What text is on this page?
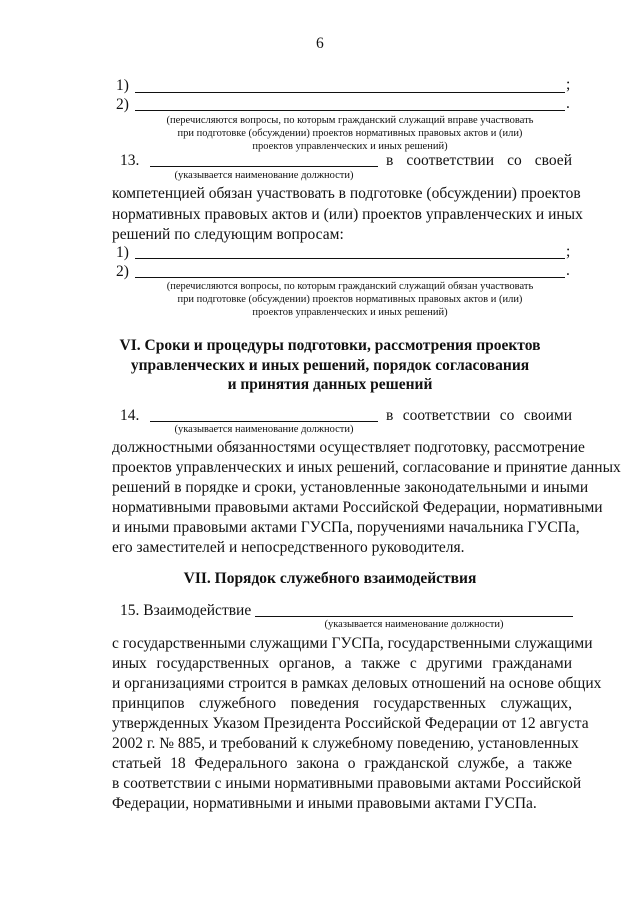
6
1)	;
2)	.
(перечисляются вопросы, по которым гражданский служащий вправе участвовать
при подготовке (обсуждении) проектов нормативных правовых актов и (или)
проектов управленческих и иных решений)
13.	в соответствии со своей
(указывается наименование должности)
компетенцией обязан участвовать в подготовке (обсуждении) проектов
нормативных правовых актов и (или) проектов управленческих и иных
решений по следующим вопросам:
1)	;
2)	.
(перечисляются вопросы, по которым гражданский служащий обязан участвовать
при подготовке (обсуждении) проектов нормативных правовых актов и (или)
проектов управленческих и иных решений)
VI. Сроки и процедуры подготовки, рассмотрения проектов
управленческих и иных решений, порядок согласования
и принятия данных решений
14.	в соответствии со своими
(указывается наименование должности)
должностными обязанностями осуществляет подготовку, рассмотрение
проектов управленческих и иных решений, согласование и принятие данных
решений в порядке и сроки, установленные законодательными и иными
нормативными правовыми актами Российской Федерации, нормативными
и иными правовыми актами ГУСПа, поручениями начальника ГУСПа,
его заместителей и непосредственного руководителя.
VII. Порядок служебного взаимодействия
15. Взаимодействие
(указывается наименование должности)
с государственными служащими ГУСПа, государственными служащими
иных государственных органов, а также с другими гражданами
и организациями строится в рамках деловых отношений на основе общих
принципов служебного поведения государственных служащих,
утвержденных Указом Президента Российской Федерации от 12 августа
2002 г. № 885, и требований к служебному поведению, установленных
статьей 18 Федерального закона о гражданской службе, а также
в соответствии с иными нормативными правовыми актами Российской
Федерации, нормативными и иными правовыми актами ГУСПа.
